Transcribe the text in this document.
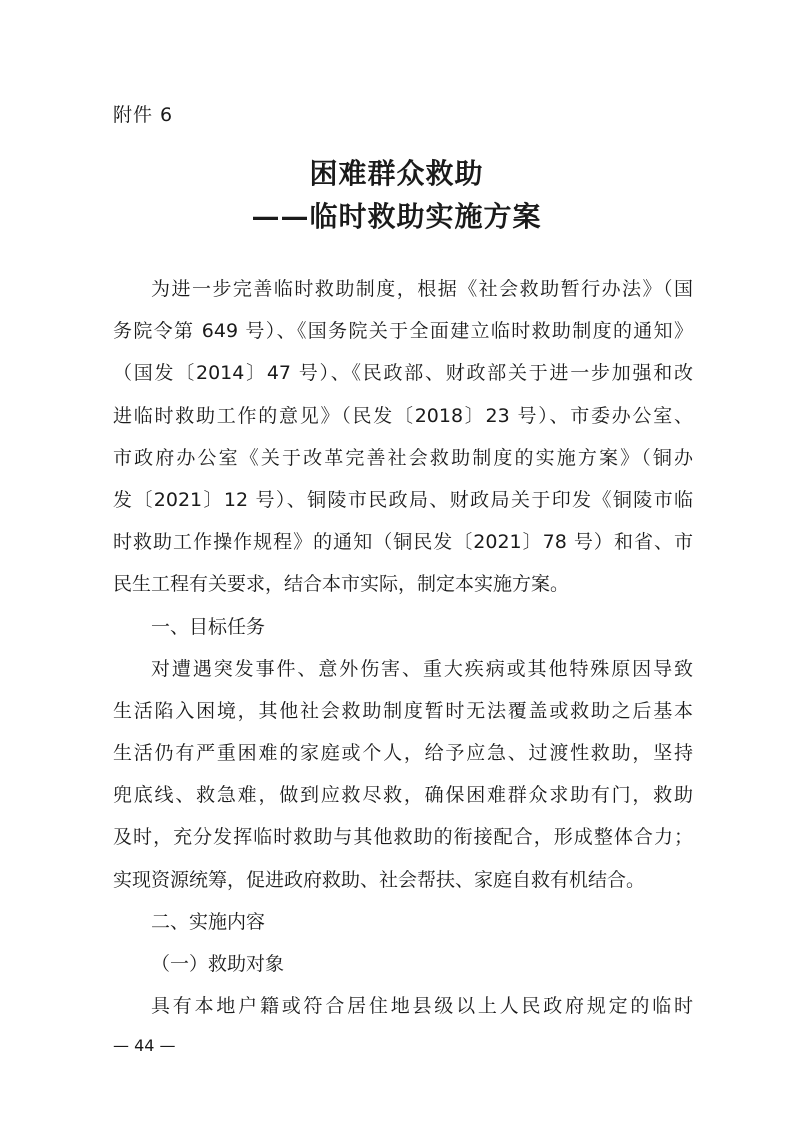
附件 6
困难群众救助
——临时救助实施方案
为进一步完善临时救助制度，根据《社会救助暂行办法》（国
务院令第 649 号）、《国务院关于全面建立临时救助制度的通知》
（国发〔2014〕47 号）、《民政部、财政部关于进一步加强和改
进临时救助工作的意见》（民发〔2018〕23 号）、市委办公室、
市政府办公室《关于改革完善社会救助制度的实施方案》（铜办
发〔2021〕12 号）、铜陵市民政局、财政局关于印发《铜陵市临
时救助工作操作规程》的通知（铜民发〔2021〕78 号）和省、市
民生工程有关要求，结合本市实际，制定本实施方案。
一、目标任务
对遭遇突发事件、意外伤害、重大疾病或其他特殊原因导致
生活陷入困境，其他社会救助制度暂时无法覆盖或救助之后基本
生活仍有严重困难的家庭或个人，给予应急、过渡性救助，坚持
兜底线、救急难，做到应救尽救，确保困难群众求助有门，救助
及时，充分发挥临时救助与其他救助的衔接配合，形成整体合力；
实现资源统筹，促进政府救助、社会帮扶、家庭自救有机结合。
二、实施内容
（一）救助对象
具有本地户籍或符合居住地县级以上人民政府规定的临时
— 44 —
